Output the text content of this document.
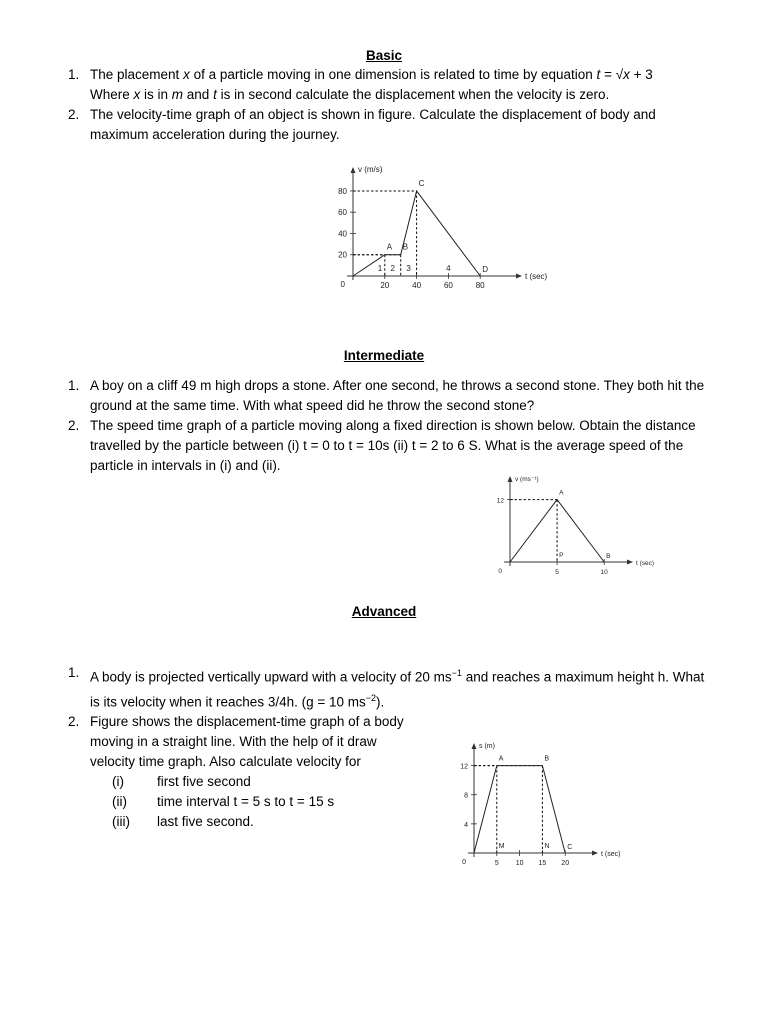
Basic
1. The placement x of a particle moving in one dimension is related to time by equation t = √x + 3
Where x is in m and t is in second calculate the displacement when the velocity is zero.
2. The velocity-time graph of an object is shown in figure. Calculate the displacement of body and maximum acceleration during the journey.
v (m/s)
t (sec)
0
20
40
60
80
20	40	60	80
A B
C
D
1 2 3	4
Intermediate
1. A boy on a cliff 49 m high drops a stone. After one second, he throws a second stone. They both hit the ground at the same time. With what speed did he throw the second stone?
2. The speed time graph of a particle moving along a fixed direction is shown below. Obtain the distance travelled by the particle between (i) t = 0 to t = 10s (ii) t = 2 to 6 S. What is the average speed of the particle in intervals in (i) and (ii).
v (ms⁻¹)
t (sec)
0
12
5	10
A
B
P
Advanced
1. A body is projected vertically upward with a velocity of 20 $ms^{-1}$ and reaches a maximum height h. What is its velocity when it reaches 3/4h. (g = 10 $ms^{-2}$).
2. Figure shows the displacement-time graph of a body moving in a straight line. With the help of it draw velocity time graph. Also calculate velocity for
(i)	first five second
(ii)	time interval t = 5 s to t = 15 s
(iii)	last five second.
s (m)
t (sec)
0
4
8
12
5 10 15 20
A	B
C
M	N
